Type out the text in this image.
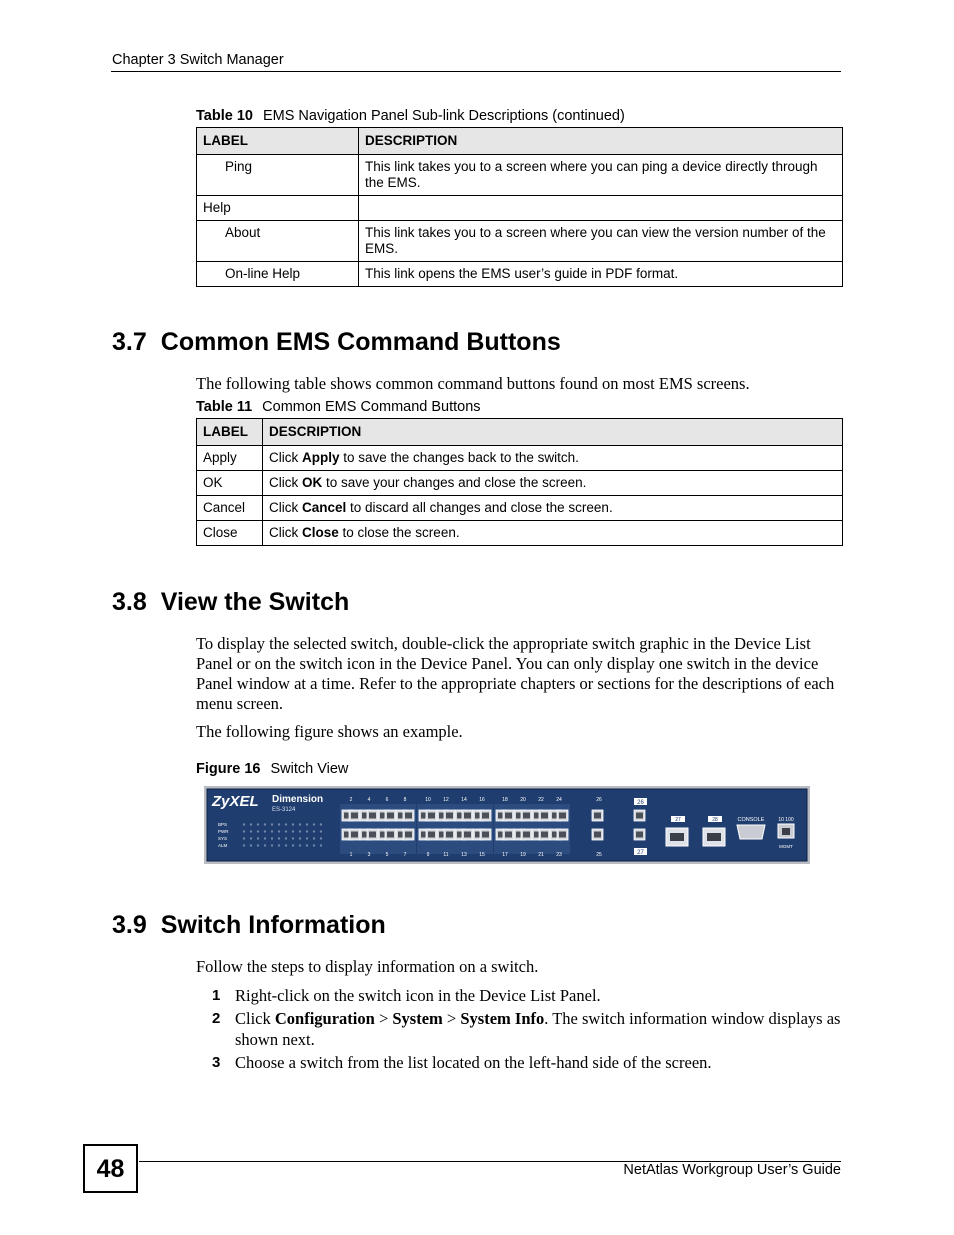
Chapter 3 Switch Manager
Table 10 EMS Navigation Panel Sub-link Descriptions (continued)
LABEL	DESCRIPTION
Ping	This link takes you to a screen where you can ping a device directly through the EMS.
Help	
About	This link takes you to a screen where you can view the version number of the EMS.
On-line Help	This link opens the EMS user’s guide in PDF format.
3.7 Common EMS Command Buttons

The following table shows common command buttons found on most EMS screens.

Table 11 Common EMS Command Buttons
LABEL	DESCRIPTION
Apply	Click Apply to save the changes back to the switch.
OK	Click OK to save your changes and close the screen.
Cancel	Click Cancel to discard all changes and close the screen.
Close	Click Close to close the screen.
3.8 View the Switch

To display the selected switch, double-click the appropriate switch graphic in the Device List Panel or on the switch icon in the Device Panel. You can only display one switch in the device Panel window at a time. Refer to the appropriate chapters or sections for the descriptions of each menu screen.

The following figure shows an example.

Figure 16 Switch View
ZyXEL Dimension
ES-3124
BPS
PWR
SYS
ALM
2	4	6	8	10 12 14 16	18 20 22 24	26
1	3	5	7	9	11	13 15	17 19 21 23	25
26
27
27	28	CONSOLE	10 100
MGMT
3.9 Switch Information

Follow the steps to display information on a switch.

1 Right-click on the switch icon in the Device List Panel.
2 Click Configuration > System > System Info. The switch information window displays as shown next.
3 Choose a switch from the list located on the left-hand side of the screen.
48	NetAtlas Workgroup User’s Guide
